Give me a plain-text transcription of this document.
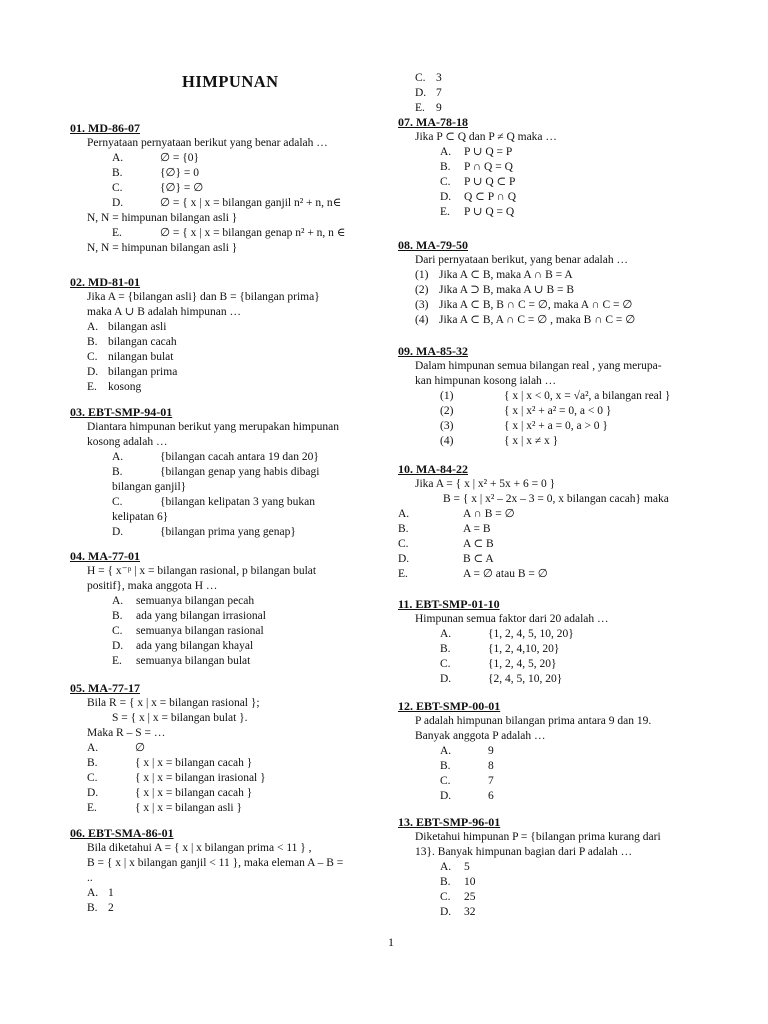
HIMPUNAN
01. MD-86-07
Pernyataan pernyataan berikut yang benar adalah …
A.	∅ = {0}
B.	{∅} = 0
C.	{∅} = ∅
D.	∅ = { x | x = bilangan ganjil n² + n, n∈
N, N = himpunan bilangan asli }
E.	∅ = { x | x = bilangan genap n² + n, n ∈
N, N = himpunan bilangan asli }
02. MD-81-01
Jika A = {bilangan asli} dan B = {bilangan prima}
maka A ∪ B adalah himpunan …
A. bilangan asli
B. bilangan cacah
C. nilangan bulat
D. bilangan prima
E. kosong
03. EBT-SMP-94-01
Diantara himpunan berikut yang merupakan himpunan
kosong adalah …
A.	{bilangan cacah antara 19 dan 20}
B.	{bilangan genap yang habis dibagi
bilangan ganjil}
C.	{bilangan kelipatan 3 yang bukan
kelipatan 6}
D.	{bilangan prima yang genap}
04. MA-77-01
H = { x⁻ᵖ | x = bilangan rasional, p bilangan bulat
positif}, maka anggota H …
A. semuanya bilangan pecah
B. ada yang bilangan irrasional
C. semuanya bilangan rasional
D. ada yang bilangan khayal
E. semuanya bilangan bulat
05. MA-77-17
Bila R = { x | x = bilangan rasional };
S = { x | x = bilangan bulat }.
Maka R – S = …
A.	∅
B.	{ x | x = bilangan cacah }
C.	{ x | x = bilangan irasional }
D.	{ x | x = bilangan cacah }
E.	{ x | x = bilangan asli }
06. EBT-SMA-86-01
Bila diketahui A = { x | x bilangan prima < 11 } ,
B = { x | x bilangan ganjil < 11 }, maka eleman A – B =
..
A. 1
B. 2
C. 3
D. 7
E. 9
07. MA-78-18
Jika P ⊂ Q dan P ≠ Q maka …
A. P ∪ Q = P
B. P ∩ Q = Q
C. P ∪ Q ⊂ P
D. Q ⊂ P ∩ Q
E. P ∪ Q = Q
08. MA-79-50
Dari pernyataan berikut, yang benar adalah …
(1) Jika A ⊂ B, maka A ∩ B = A
(2) Jika A ⊃ B, maka A ∪ B = B
(3) Jika A ⊂ B, B ∩ C = ∅, maka A ∩ C = ∅
(4) Jika A ⊂ B, A ∩ C = ∅ , maka B ∩ C = ∅
09. MA-85-32
Dalam himpunan semua bilangan real , yang merupa-
kan himpunan kosong ialah …
(1)	{ x | x < 0, x = √a², a bilangan real }
(2)	{ x | x² + a² = 0, a < 0 }
(3)	{ x | x² + a = 0, a > 0 }
(4)	{ x | x ≠ x }
10. MA-84-22
Jika A = { x | x² + 5x + 6 = 0 }
B = { x | x² – 2x – 3 = 0, x bilangan cacah} maka
A.	A ∩ B = ∅
B.	A = B
C.	A ⊂ B
D.	B ⊂ A
E.	A = ∅ atau B = ∅
11. EBT-SMP-01-10
Himpunan semua faktor dari 20 adalah …
A.	{1, 2, 4, 5, 10, 20}
B.	{1, 2, 4,10, 20}
C.	{1, 2, 4, 5, 20}
D.	{2, 4, 5, 10, 20}
12. EBT-SMP-00-01
P adalah himpunan bilangan prima antara 9 dan 19.
Banyak anggota P adalah …
A.	9
B.	8
C.	7
D.	6
13. EBT-SMP-96-01
Diketahui himpunan P = {bilangan prima kurang dari
13}. Banyak himpunan bagian dari P adalah …
A. 5
B. 10
C. 25
D. 32
1
